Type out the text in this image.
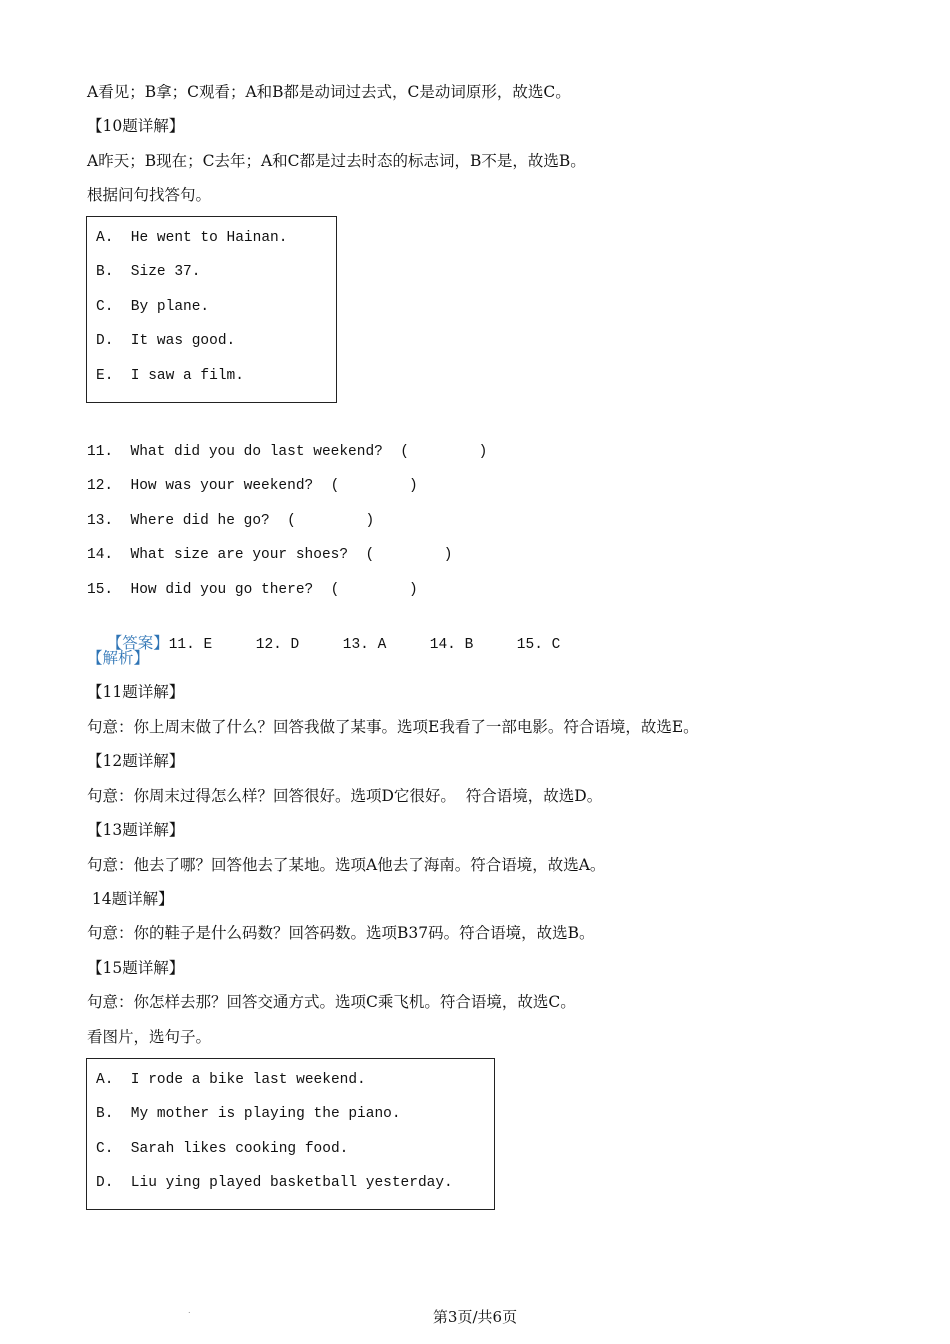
A看见；B拿；C观看；A和B都是动词过去式，C是动词原形，故选C。
【10题详解】
A昨天；B现在；C去年；A和C都是过去时态的标志词，B不是，故选B。
根据问句找答句。
A.  He went to Hainan.
B.  Size 37.
C.  By plane.
D.  It was good.
E.  I saw a film.
11.  What did you do last weekend?  (        )
12.  How was your weekend?  (        )
13.  Where did he go?  (        )
14.  What size are your shoes?  (        )
15.  How did you go there?  (        )

【答案】11. E     12. D     13. A     14. B     15. C

【解析】
【11题详解】
句意：你上周末做了什么？回答我做了某事。选项E我看了一部电影。符合语境，故选E。
【12题详解】
句意：你周末过得怎么样？回答很好。选项D它很好。  符合语境，故选D。
【13题详解】
句意：他去了哪？回答他去了某地。选项A他去了海南。符合语境，故选A。
14题详解】
句意：你的鞋子是什么码数？回答码数。选项B37码。符合语境，故选B。
【15题详解】
句意：你怎样去那？回答交通方式。选项C乘飞机。符合语境，故选C。
看图片，选句子。
A.  I rode a bike last weekend.
B.  My mother is playing the piano.
C.  Sarah likes cooking food.
D.  Liu ying played basketball yesterday.
.	第3页/共6页
